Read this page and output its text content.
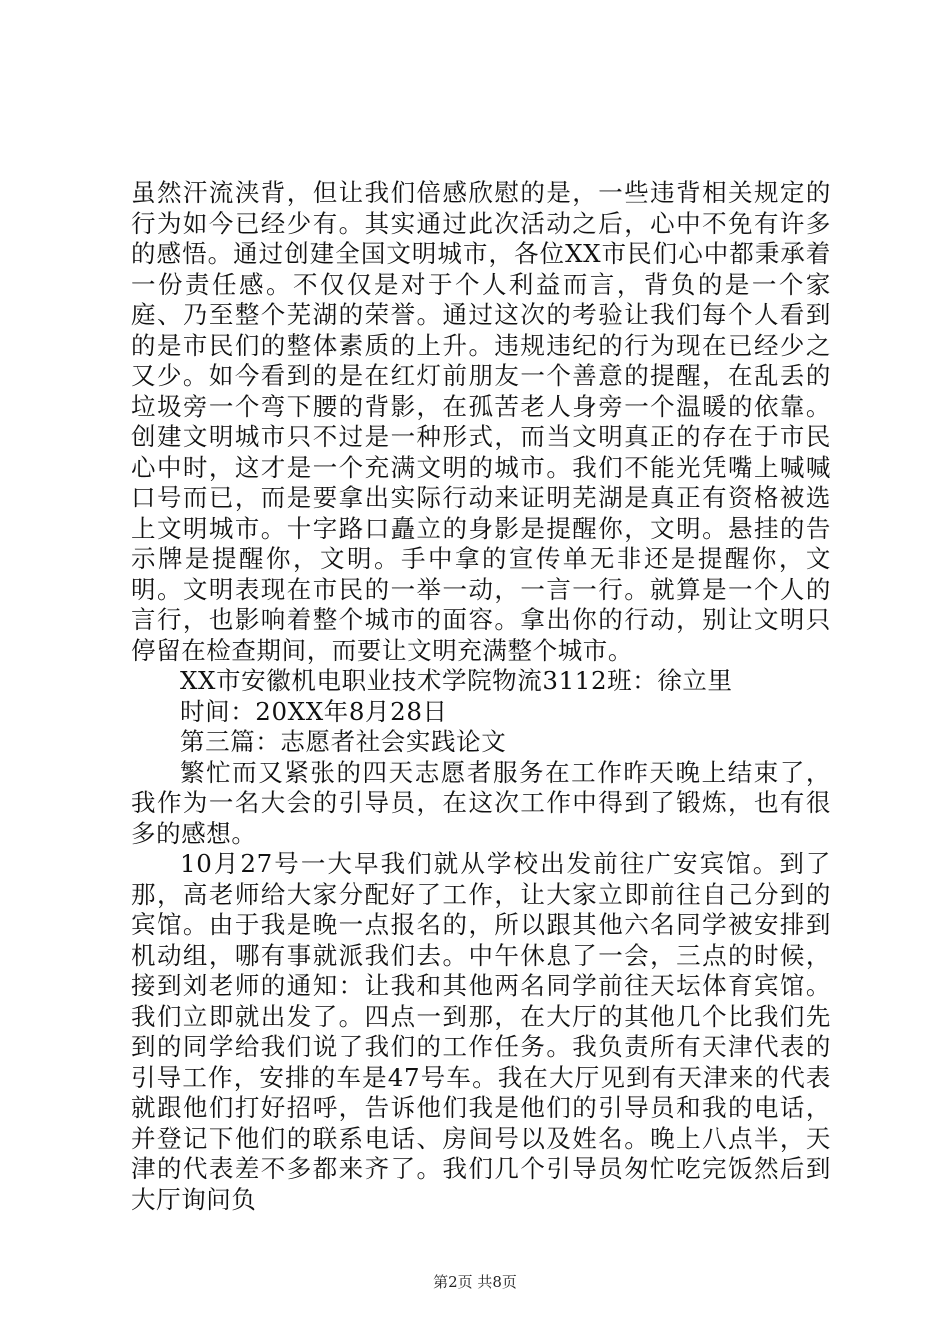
虽然汗流浃背，但让我们倍感欣慰的是，一些违背相关规定的行为如今已经少有。其实通过此次活动之后，心中不免有许多的感悟。通过创建全国文明城市，各位XX市民们心中都秉承着一份责任感。不仅仅是对于个人利益而言，背负的是一个家庭、乃至整个芜湖的荣誉。通过这次的考验让我们每个人看到的是市民们的整体素质的上升。违规违纪的行为现在已经少之又少。如今看到的是在红灯前朋友一个善意的提醒，在乱丢的垃圾旁一个弯下腰的背影，在孤苦老人身旁一个温暖的依靠。创建文明城市只不过是一种形式，而当文明真正的存在于市民心中时，这才是一个充满文明的城市。我们不能光凭嘴上喊喊口号而已，而是要拿出实际行动来证明芜湖是真正有资格被选上文明城市。十字路口矗立的身影是提醒你，文明。悬挂的告示牌是提醒你，文明。手中拿的宣传单无非还是提醒你，文明。文明表现在市民的一举一动，一言一行。就算是一个人的言行，也影响着整个城市的面容。拿出你的行动，别让文明只停留在检查期间，而要让文明充满整个城市。

XX市安徽机电职业技术学院物流3112班：徐立里

时间：20XX年8月28日

第三篇：志愿者社会实践论文

繁忙而又紧张的四天志愿者服务在工作昨天晚上结束了，我作为一名大会的引导员，在这次工作中得到了锻炼，也有很多的感想。

10月27号一大早我们就从学校出发前往广安宾馆。到了那，高老师给大家分配好了工作，让大家立即前往自己分到的宾馆。由于我是晚一点报名的，所以跟其他六名同学被安排到机动组，哪有事就派我们去。中午休息了一会，三点的时候，接到刘老师的通知：让我和其他两名同学前往天坛体育宾馆。我们立即就出发了。四点一到那，在大厅的其他几个比我们先到的同学给我们说了我们的工作任务。我负责所有天津代表的引导工作，安排的车是47号车。我在大厅见到有天津来的代表就跟他们打好招呼，告诉他们我是他们的引导员和我的电话，并登记下他们的联系电话、房间号以及姓名。晚上八点半，天津的代表差不多都来齐了。我们几个引导员匆忙吃完饭然后到大厅询问负

第2页 共8页
